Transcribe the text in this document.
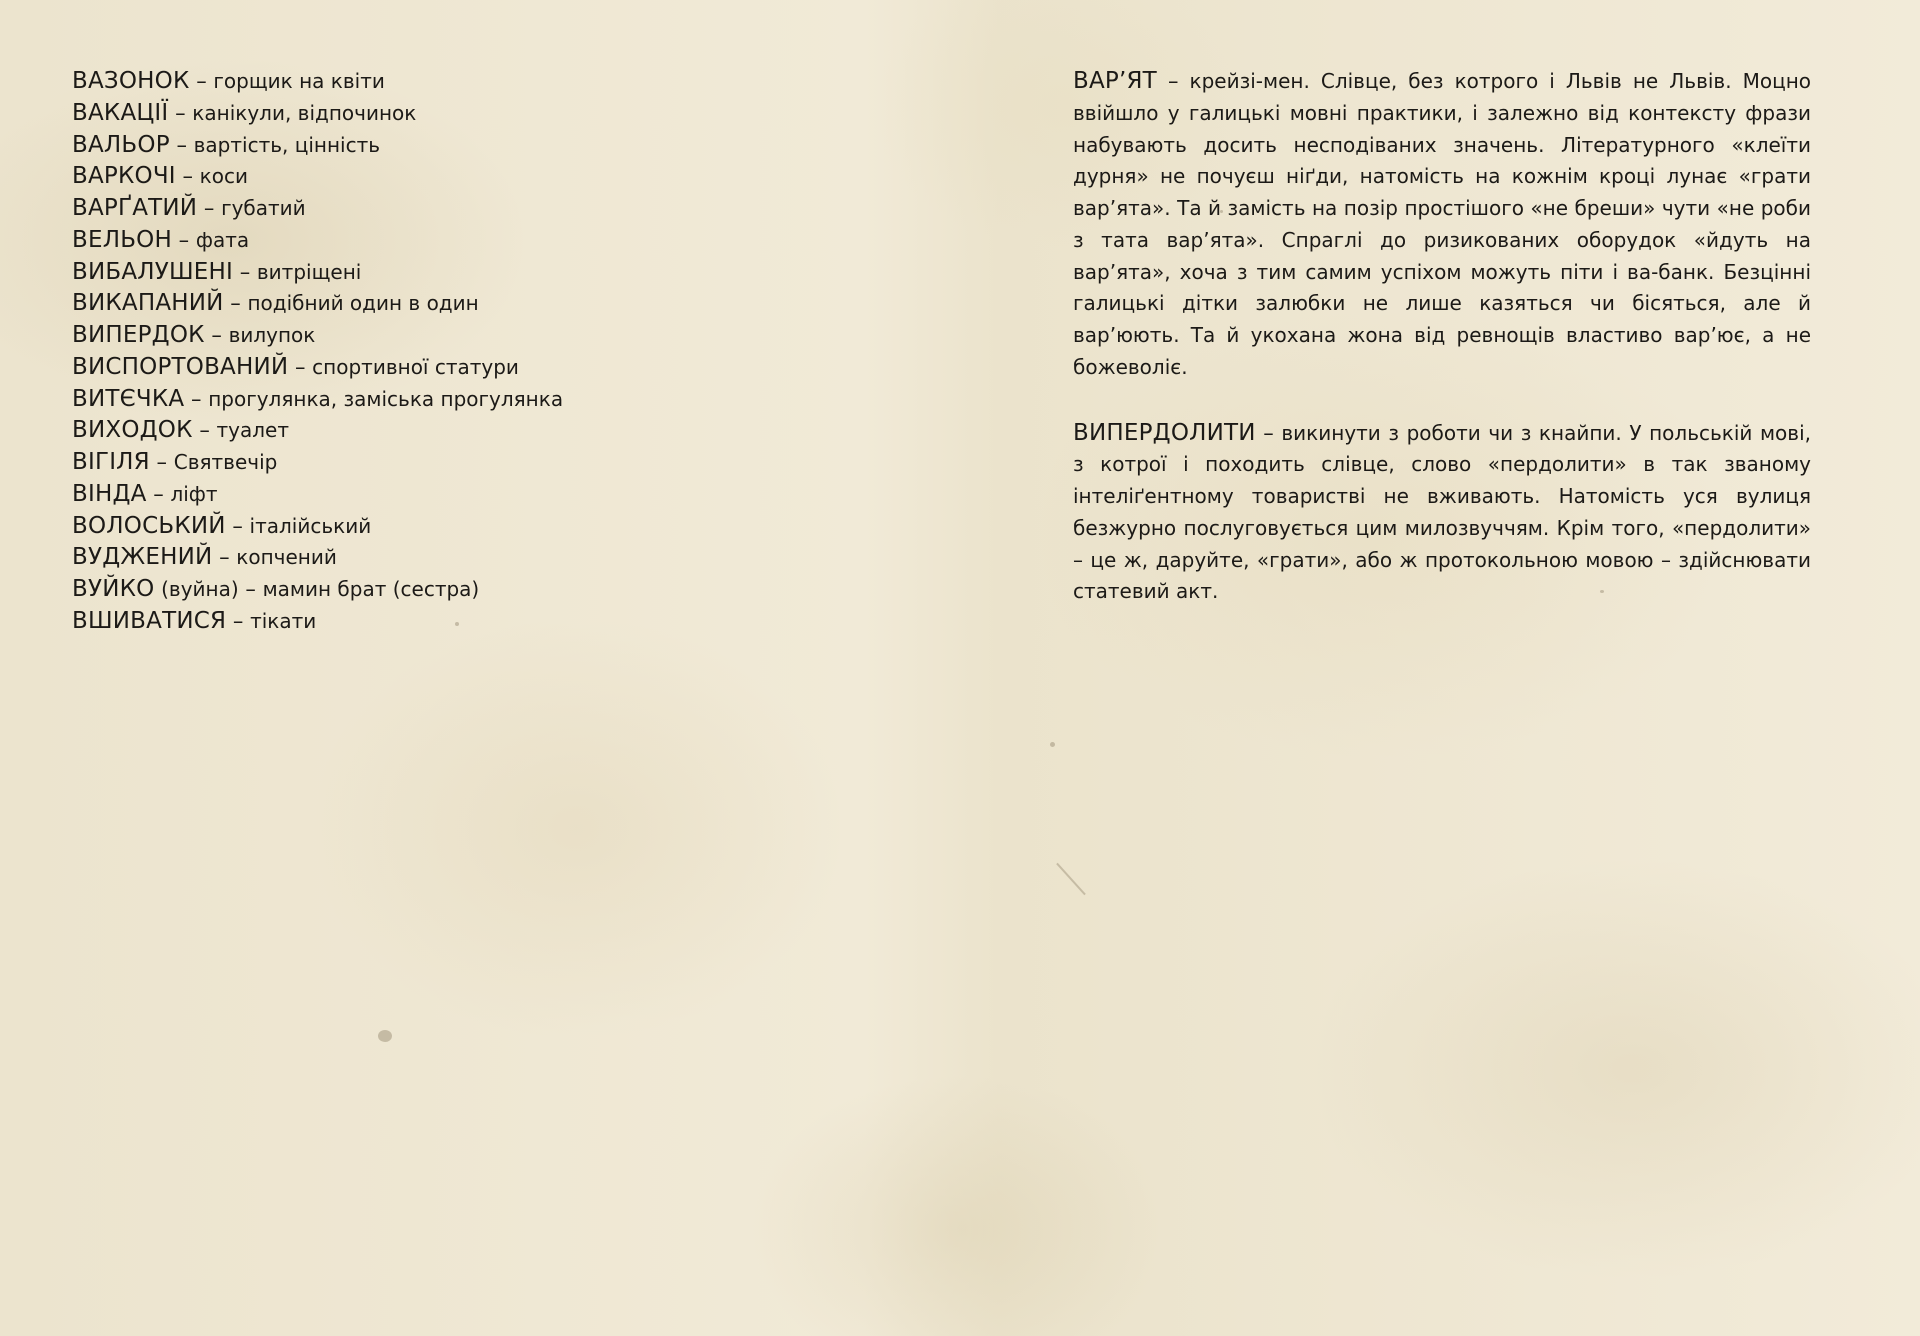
ВАЗОНОК – горщик на квіти
ВАКАЦІЇ – канікули, відпочинок
ВАЛЬОР – вартість, цінність
ВАРКОЧІ – коси
ВАРҐАТИЙ – губатий
ВЕЛЬОН – фата
ВИБАЛУШЕНІ – витріщені
ВИКАПАНИЙ – подібний один в один
ВИПЕРДОК – вилупок
ВИСПОРТОВАНИЙ – спортивної статури
ВИТЄЧКА – прогулянка, заміська прогулянка
ВИХОДОК – туалет
ВІГІЛЯ – Святвечір
ВІНДА – ліфт
ВОЛОСЬКИЙ – італійський
ВУДЖЕНИЙ – копчений
ВУЙКО (вуйна) – мамин брат (сестра)
ВШИВАТИСЯ – тікати

ВАР’ЯТ – крейзі-мен. Слівце, без котрого і Львів не Львів. Моцно ввійшло у галицькі мовні практики, і залежно від контексту фрази набувають досить несподіваних значень. Літературного «клеїти дурня» не почуєш ніґди, натомість на кожнім кроці лунає «грати вар’ята». Та й замість на позір простішого «не бреши» чути «не роби з тата вар’ята». Спраглі до ризикованих оборудок «йдуть на вар’ята», хоча з тим самим успіхом можуть піти і ва-банк. Безцінні галицькі дітки залюбки не лише казяться чи бісяться, але й вар’юють. Та й укохана жона від ревнощів властиво вар’ює, а не божеволіє.

ВИПЕРДОЛИТИ – викинути з роботи чи з кнайпи. У польській мові, з котрої і походить слівце, слово «пердолити» в так званому інтеліґентному товаристві не вживають. Натомість уся вулиця безжурно послуговується цим милозвуччям. Крім того, «пердолити» – це ж, даруйте, «грати», або ж протокольною мовою – здійснювати статевий акт.
